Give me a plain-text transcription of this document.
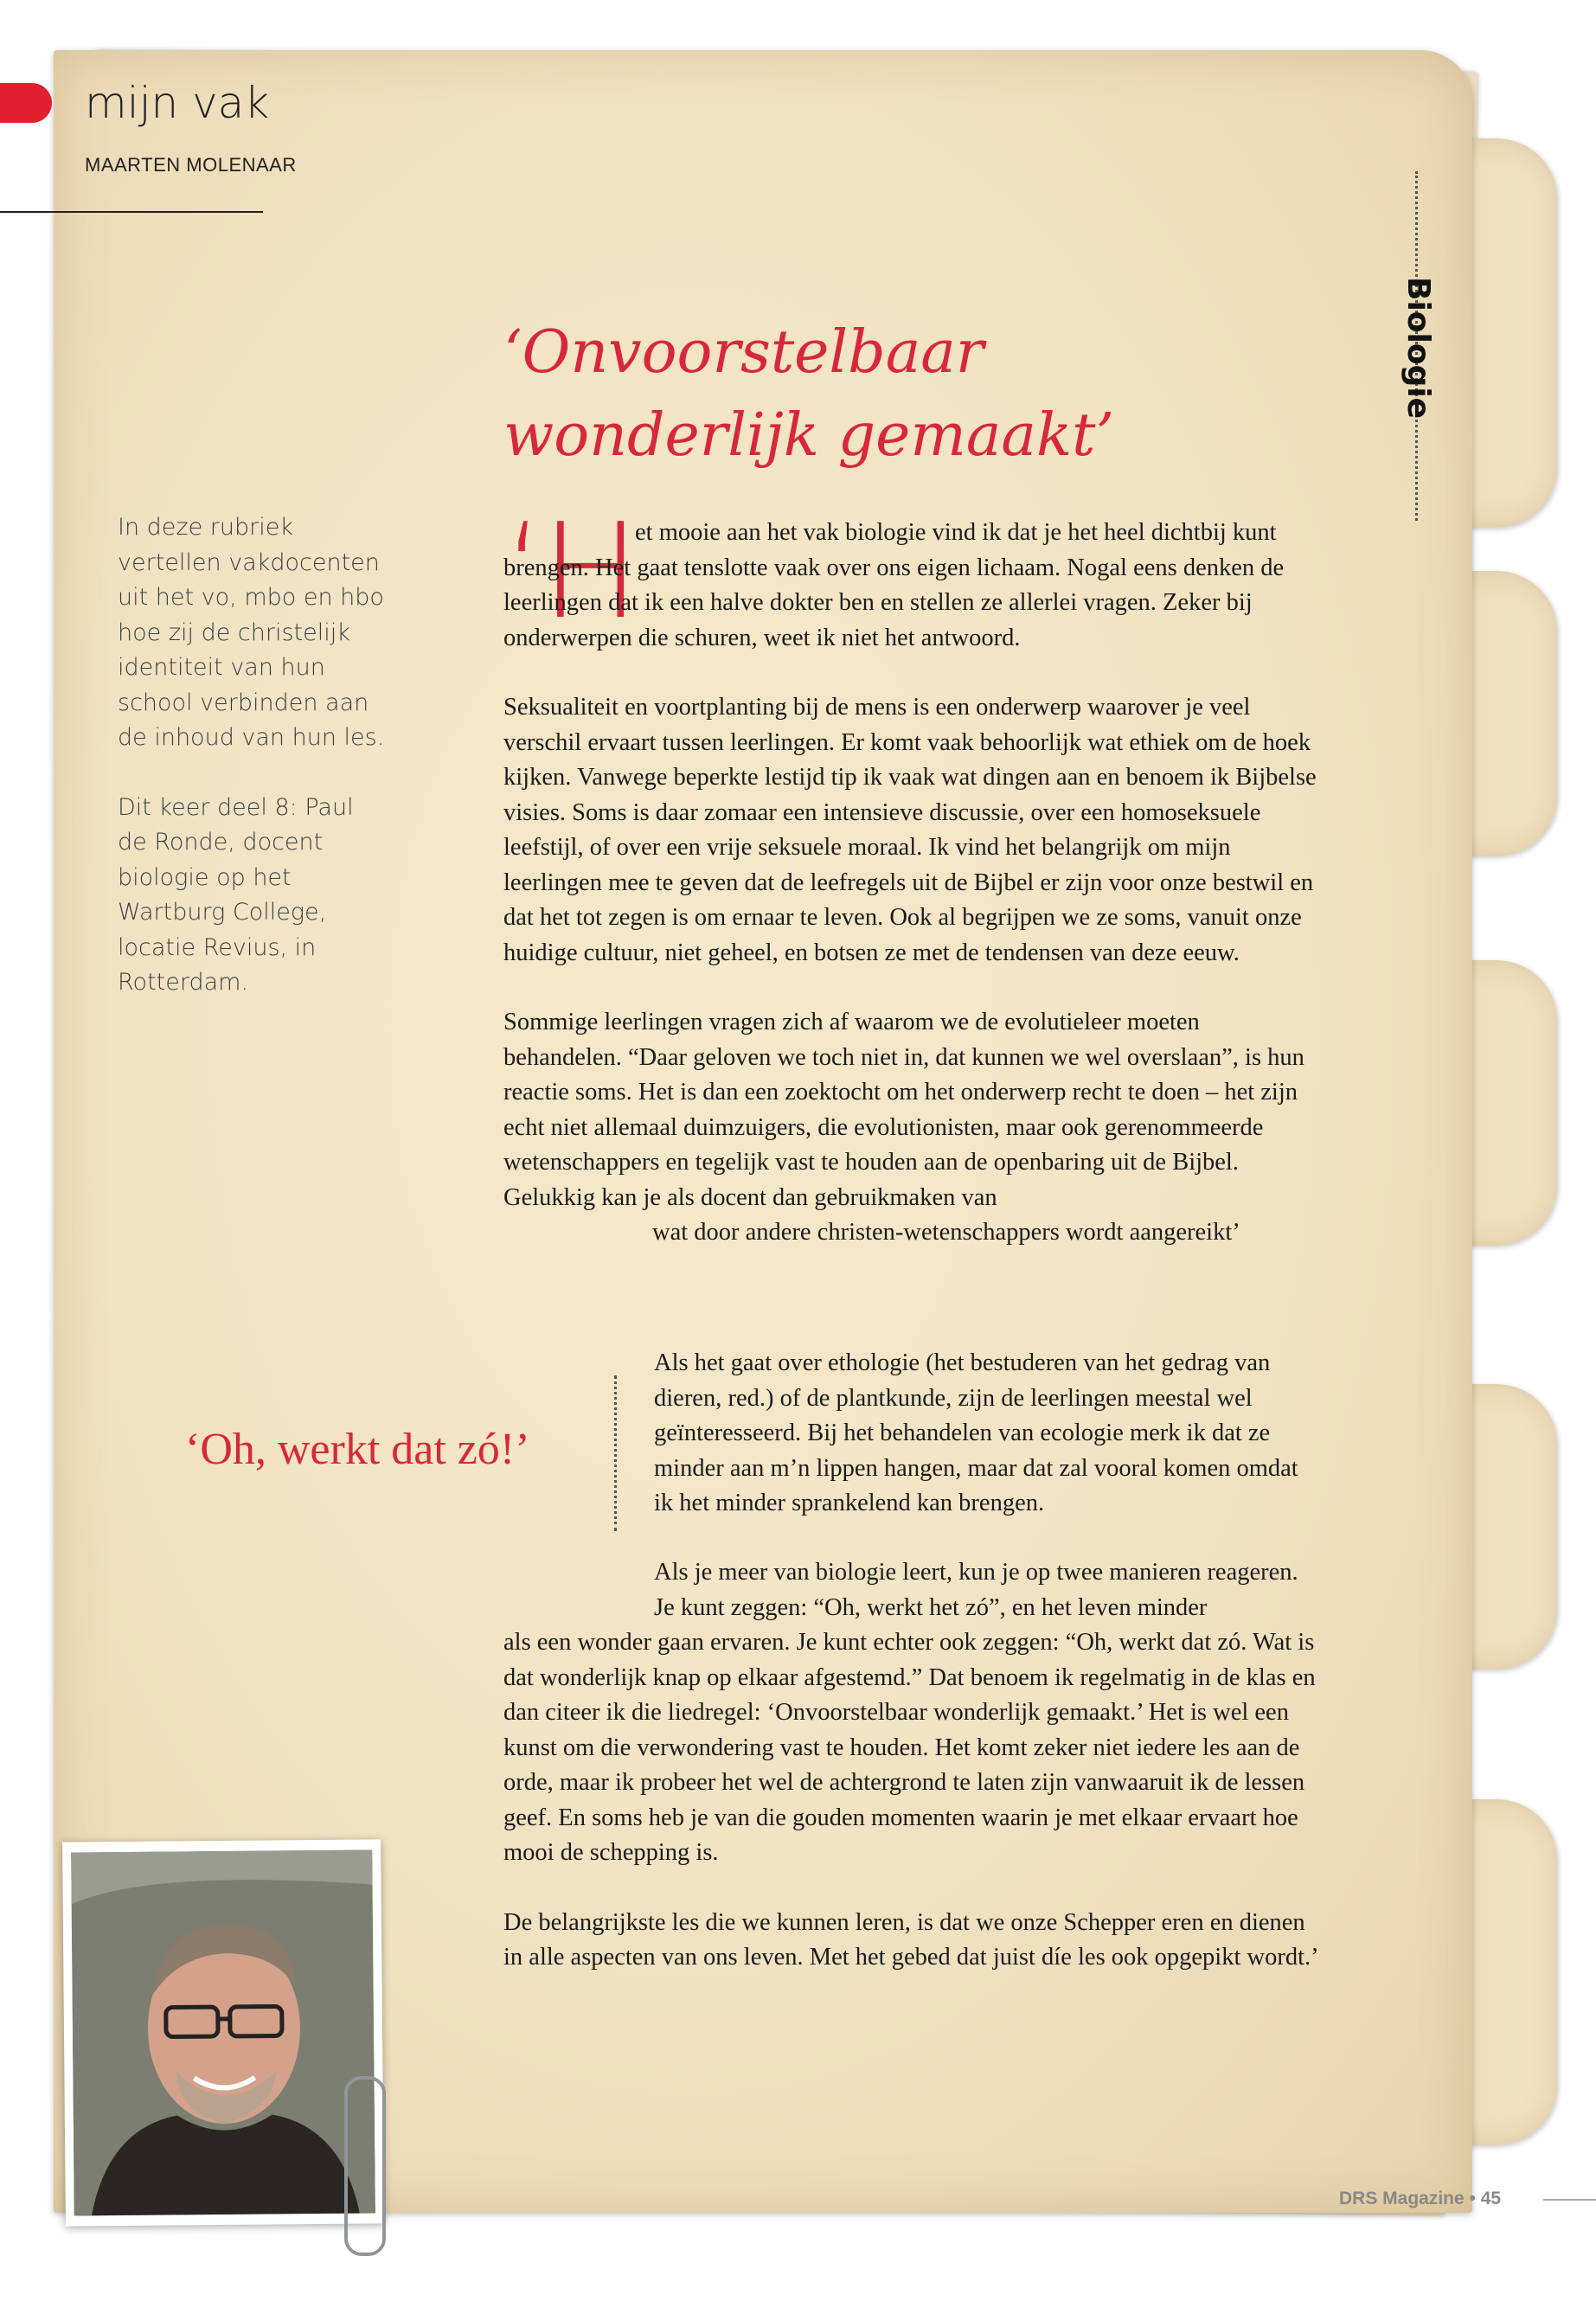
mijn vak
MAARTEN MOLENAAR
‘Onvoorstelbaar
wonderlijk gemaakt’

In deze rubriek vertellen vakdocenten uit het vo, mbo en hbo hoe zij de christelijk identiteit van hun school verbinden aan de inhoud van hun les.

Dit keer deel 8: Paul de Ronde, docent biologie op het Wartburg College, locatie Revius, in Rotterdam.

‘H

et mooie aan het vak biologie vind ik dat je het heel dichtbij kunt brengen. Het gaat tenslotte vaak over ons eigen lichaam. Nogal eens denken de leerlingen dat ik een halve dokter ben en stellen ze allerlei vragen. Zeker bij onderwerpen die schuren, weet ik niet het antwoord.

Seksualiteit en voortplanting bij de mens is een onderwerp waarover je veel verschil ervaart tussen leerlingen. Er komt vaak behoorlijk wat ethiek om de hoek kijken. Vanwege beperkte lestijd tip ik vaak wat dingen aan en benoem ik Bijbelse visies. Soms is daar zomaar een intensieve discussie, over een homoseksuele leefstijl, of over een vrije seksuele moraal. Ik vind het belangrijk om mijn leerlingen mee te geven dat de leefregels uit de Bijbel er zijn voor onze bestwil en dat het tot zegen is om ernaar te leven. Ook al begrijpen we ze soms, vanuit onze huidige cultuur, niet geheel, en botsen ze met de tendensen van deze eeuw.

Sommige leerlingen vragen zich af waarom we de evolutieleer moeten behandelen. “Daar geloven we toch niet in, dat kunnen we wel overslaan”, is hun reactie soms. Het is dan een zoektocht om het onderwerp recht te doen – het zijn echt niet allemaal duimzuigers, die evolutionisten, maar ook gerenommeerde wetenschappers en tegelijk vast te houden aan de openbaring uit de Bijbel. Gelukkig kan je als docent dan gebruikmaken van

wat door andere christen-wetenschappers wordt aangereikt’

‘Oh, werkt dat zó!’

Als het gaat over ethologie (het bestuderen van het gedrag van dieren, red.) of de plantkunde, zijn de leerlingen meestal wel geïnteresseerd. Bij het behandelen van ecologie merk ik dat ze minder aan m’n lippen hangen, maar dat zal vooral komen omdat ik het minder sprankelend kan brengen.
Als je meer van biologie leert, kun je op twee manieren reageren. Je kunt zeggen: “Oh, werkt het zó”, en het leven minder

als een wonder gaan ervaren. Je kunt echter ook zeggen: “Oh, werkt dat zó. Wat is dat wonderlijk knap op elkaar afgestemd.” Dat benoem ik regelmatig in de klas en dan citeer ik die liedregel: ‘Onvoorstelbaar wonderlijk gemaakt.’ Het is wel een kunst om die verwondering vast te houden. Het komt zeker niet iedere les aan de orde, maar ik probeer het wel de achtergrond te laten zijn vanwaaruit ik de lessen geef. En soms heb je van die gouden momenten waarin je met elkaar ervaart hoe mooi de schepping is.

De belangrijkste les die we kunnen leren, is dat we onze Schepper eren en dienen in alle aspecten van ons leven. Met het gebed dat juist díe les ook opgepikt wordt.’

DRS Magazine • 45
